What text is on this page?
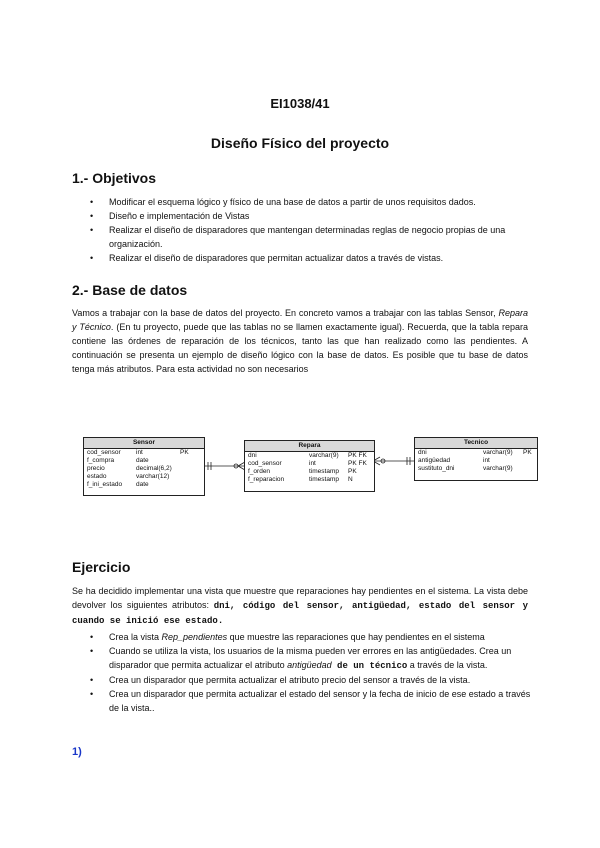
EI1038/41
Diseño Físico del proyecto
1.- Objetivos
• Modificar el esquema lógico y físico de una base de datos a partir de unos requisitos dados.
• Diseño e implementación de Vistas
• Realizar el diseño de disparadores que mantengan determinadas reglas de negocio propias de una organización.
• Realizar el diseño de disparadores que permitan actualizar datos a través de vistas.
2.- Base de datos
Vamos a trabajar con la base de datos del proyecto. En concreto vamos a trabajar con las tablas Sensor, Repara y Técnico. (En tu proyecto, puede que las tablas no se llamen exactamente igual). Recuerda, que la tabla repara contiene las órdenes de reparación de los técnicos, tanto las que han realizado como las pendientes. A continuación se presenta un ejemplo de diseño lógico con la base de datos. Es posible que tu base de datos tenga más atributos. Para esta actividad no son necesarios
Sensor
cod_sensor int	PK
f_compra	date
precio	decimal(6,2)
estado	varchar(12)
f_ini_estado date
Repara
dni	varchar(9) PK FK
cod_sensor	int	PK FK
f_orden	timestamp PK
f_reparacion	timestamp N
Tecnico
dni	varchar(9) PK
antigüedad	int
sustituto_dni	varchar(9)
Ejercicio
Se ha decidido implementar una vista que muestre que reparaciones hay pendientes en el sistema. La vista debe devolver los siguientes atributos: dni, código del sensor, antigüedad, estado del sensor y cuando se inició ese estado.
• Crea la vista Rep_pendientes que muestre las reparaciones que hay pendientes en el sistema
• Cuando se utiliza la vista, los usuarios de la misma pueden ver errores en las antigüedades. Crea un disparador que permita actualizar el atributo antigüedad de un técnico a través de la vista.
• Crea un disparador que permita actualizar el atributo precio del sensor a través de la vista.
• Crea un disparador que permita actualizar el estado del sensor y la fecha de inicio de ese estado a través de la vista..
1)
